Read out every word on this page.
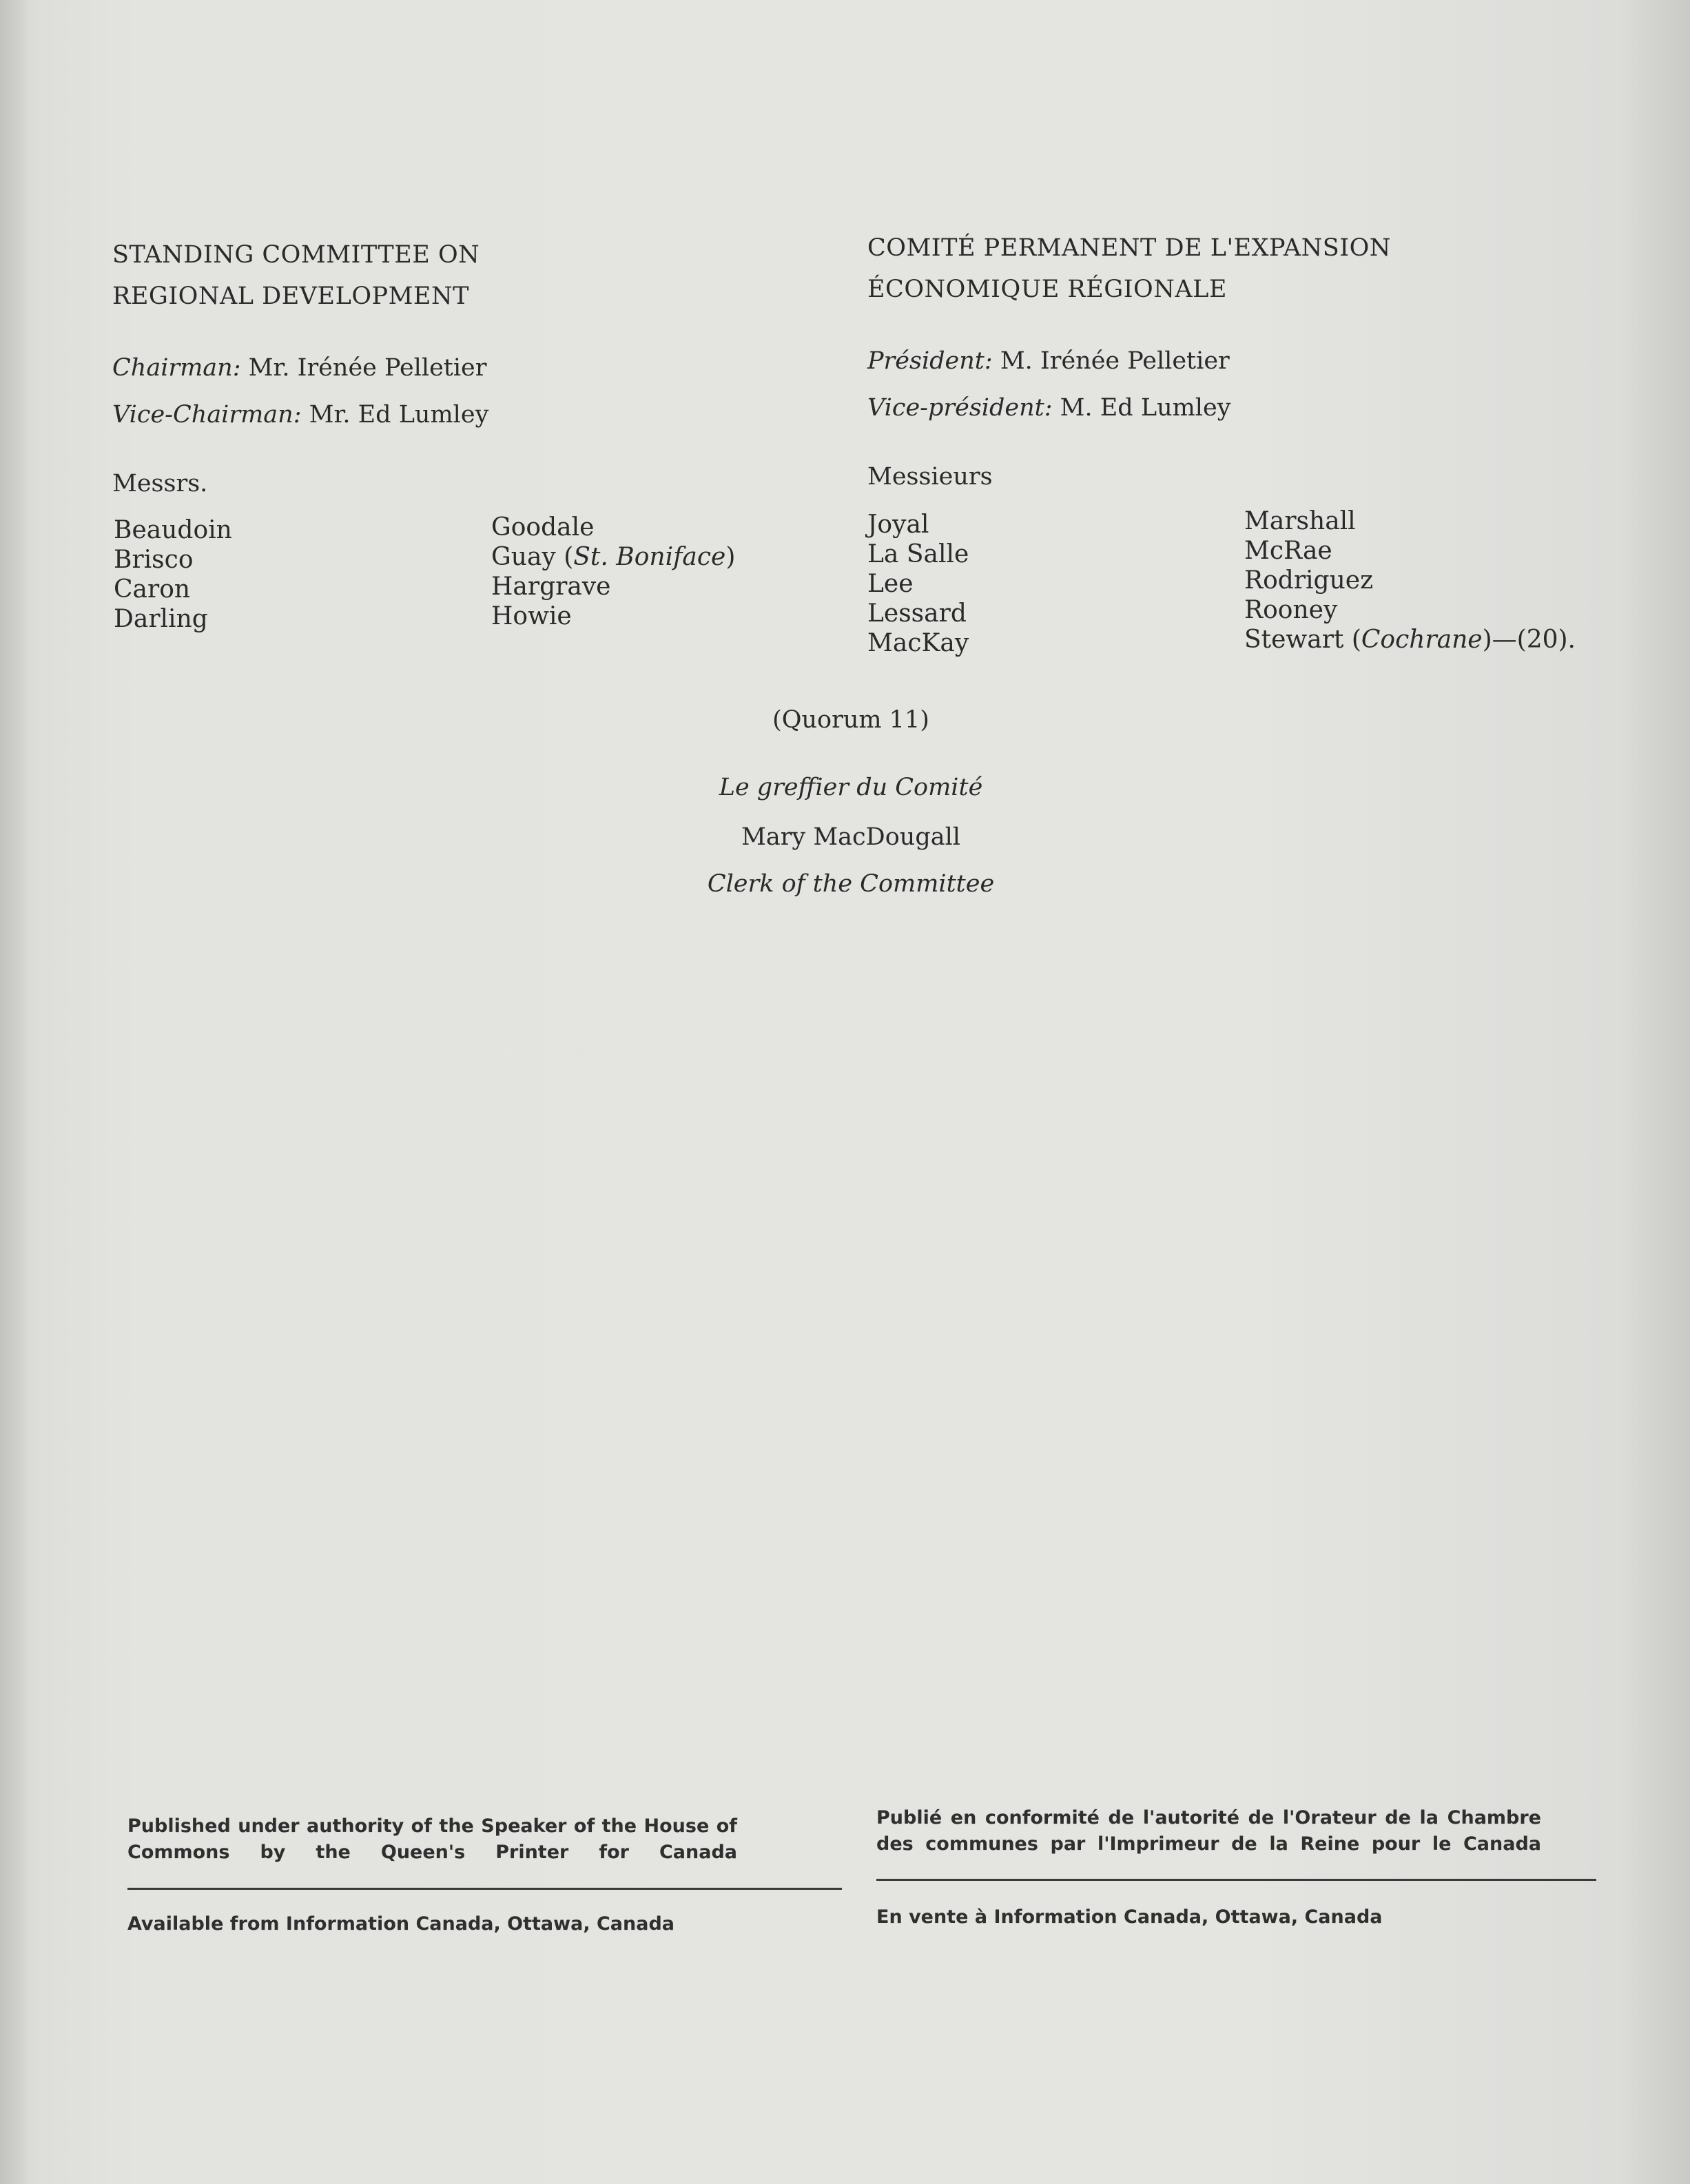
STANDING COMMITTEE ON
REGIONAL DEVELOPMENT
COMITÉ PERMANENT DE L'EXPANSION
ÉCONOMIQUE RÉGIONALE
Chairman: Mr. Irénée Pelletier
Vice-Chairman: Mr. Ed Lumley
Président: M. Irénée Pelletier
Vice-président: M. Ed Lumley
Messrs.	Messieurs
Beaudoin
Brisco
Caron
Darling
Goodale
Guay (St. Boniface)
Hargrave
Howie
Joyal
La Salle
Lee
Lessard
MacKay
Marshall
McRae
Rodriguez
Rooney
Stewart (Cochrane)—(20).
(Quorum 11)
Le greffier du Comité
Mary MacDougall
Clerk of the Committee
Published under authority of the Speaker of the House of Commons by the Queen's Printer for Canada
Available from Information Canada, Ottawa, Canada
Publié en conformité de l'autorité de l'Orateur de la Chambre des communes par l'Imprimeur de la Reine pour le Canada
En vente à Information Canada, Ottawa, Canada
